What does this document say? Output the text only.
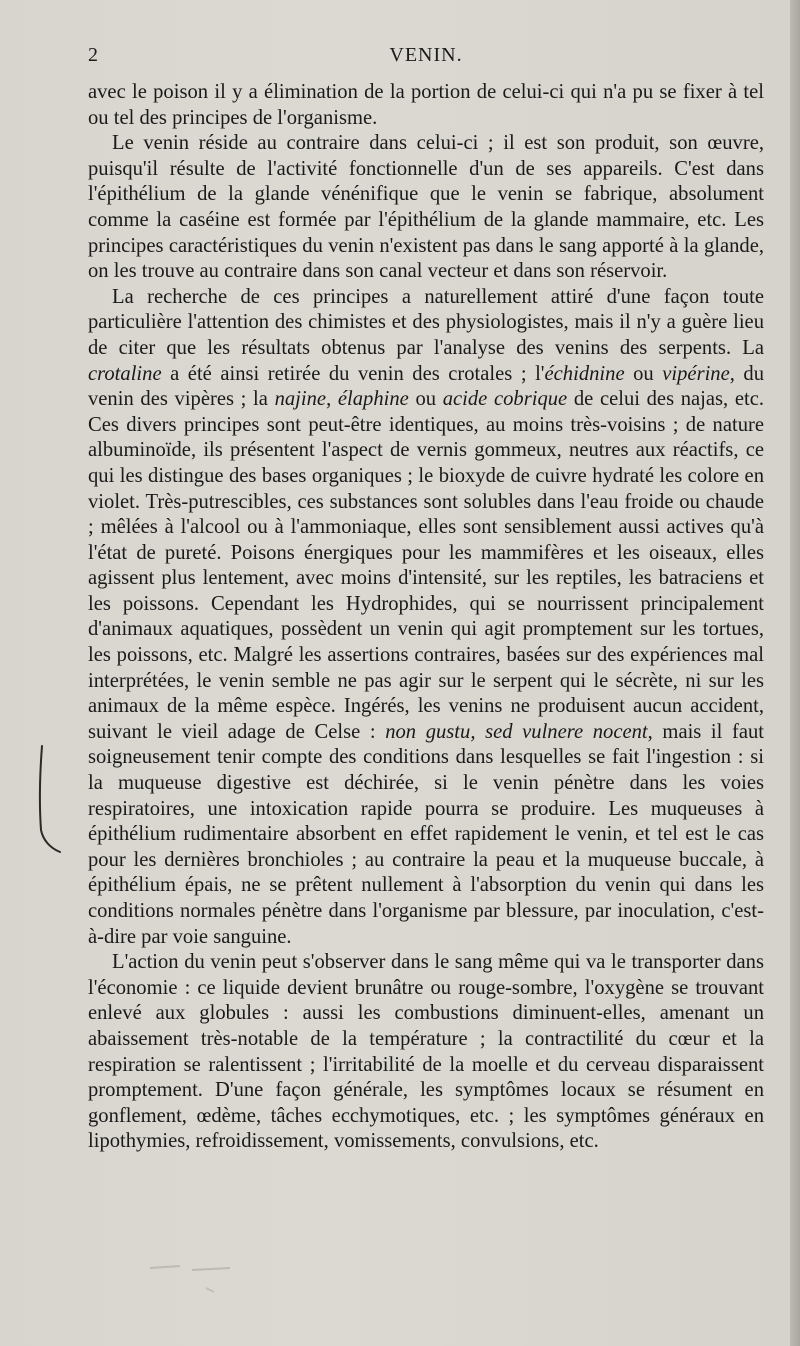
2	VENIN.

avec le poison il y a élimination de la portion de celui-ci qui n'a pu se fixer à tel ou tel des principes de l'organisme.

Le venin réside au contraire dans celui-ci ; il est son produit, son œuvre, puisqu'il résulte de l'activité fonctionnelle d'un de ses appareils. C'est dans l'épithélium de la glande vénénifique que le venin se fabrique, absolument comme la caséine est formée par l'épithélium de la glande mammaire, etc. Les principes caractéristiques du venin n'existent pas dans le sang apporté à la glande, on les trouve au contraire dans son canal vecteur et dans son réservoir.

La recherche de ces principes a naturellement attiré d'une façon toute particulière l'attention des chimistes et des physiologistes, mais il n'y a guère lieu de citer que les résultats obtenus par l'analyse des venins des serpents. La crotaline a été ainsi retirée du venin des crotales ; l'échidnine ou vipérine, du venin des vipères ; la najine, élaphine ou acide cobrique de celui des najas, etc. Ces divers principes sont peut-être identiques, au moins très-voisins ; de nature albuminoïde, ils présentent l'aspect de vernis gommeux, neutres aux réactifs, ce qui les distingue des bases organiques ; le bioxyde de cuivre hydraté les colore en violet. Très-putrescibles, ces substances sont solubles dans l'eau froide ou chaude ; mêlées à l'alcool ou à l'ammoniaque, elles sont sensiblement aussi actives qu'à l'état de pureté. Poisons énergiques pour les mammifères et les oiseaux, elles agissent plus lentement, avec moins d'intensité, sur les reptiles, les batraciens et les poissons. Cependant les Hydrophides, qui se nourrissent principalement d'animaux aquatiques, possèdent un venin qui agit promptement sur les tortues, les poissons, etc. Malgré les assertions contraires, basées sur des expériences mal interprétées, le venin semble ne pas agir sur le serpent qui le sécrète, ni sur les animaux de la même espèce. Ingérés, les venins ne produisent aucun accident, suivant le vieil adage de Celse : non gustu, sed vulnere nocent, mais il faut soigneusement tenir compte des conditions dans lesquelles se fait l'ingestion : si la muqueuse digestive est déchirée, si le venin pénètre dans les voies respiratoires, une intoxication rapide pourra se produire. Les muqueuses à épithélium rudimentaire absorbent en effet rapidement le venin, et tel est le cas pour les dernières bronchioles ; au contraire la peau et la muqueuse buccale, à épithélium épais, ne se prêtent nullement à l'absorption du venin qui dans les conditions normales pénètre dans l'organisme par blessure, par inoculation, c'est-à-dire par voie sanguine.

L'action du venin peut s'observer dans le sang même qui va le transporter dans l'économie : ce liquide devient brunâtre ou rouge-sombre, l'oxygène se trouvant enlevé aux globules : aussi les combustions diminuent-elles, amenant un abaissement très-notable de la température ; la contractilité du cœur et la respiration se ralentissent ; l'irritabilité de la moelle et du cerveau disparaissent promptement. D'une façon générale, les symptômes locaux se résument en gonflement, œdème, tâches ecchymotiques, etc. ; les symptômes généraux en lipothymies, refroidissement, vomissements, convulsions, etc.
